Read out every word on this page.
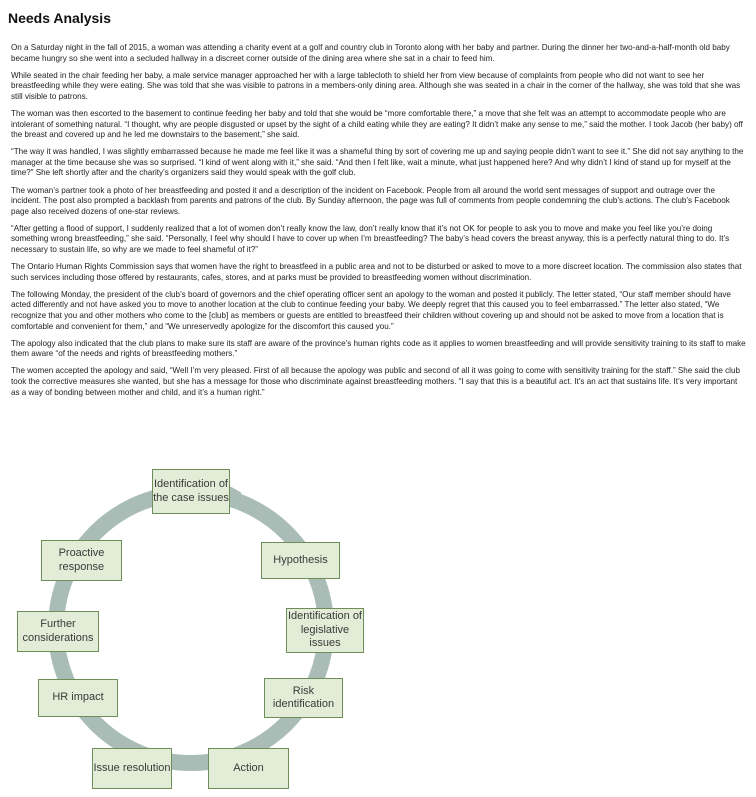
Needs Analysis

On a Saturday night in the fall of 2015, a woman was attending a charity event at a golf and country club in Toronto along with her baby and partner. During the dinner her two-and-a-half-month old baby became hungry so she went into a secluded hallway in a discreet corner outside of the dining area where she sat in a chair to feed him.

While seated in the chair feeding her baby, a male service manager approached her with a large tablecloth to shield her from view because of complaints from people who did not want to see her breastfeeding while they were eating. She was told that she was visible to patrons in a members-only dining area. Although she was seated in a chair in the corner of the hallway, she was told that she was still visible to patrons.

The woman was then escorted to the basement to continue feeding her baby and told that she would be “more comfortable there,” a move that she felt was an attempt to accommodate people who are intolerant of something natural. “I thought, why are people disgusted or upset by the sight of a child eating while they are eating? It didn’t make any sense to me,” said the mother. I took Jacob (her baby) off the breast and covered up and he led me downstairs to the basement,” she said.

“The way it was handled, I was slightly embarrassed because he made me feel like it was a shameful thing by sort of covering me up and saying people didn’t want to see it.” She did not say anything to the manager at the time because she was so surprised. “I kind of went along with it,” she said. “And then I felt like, wait a minute, what just happened here? And why didn’t I kind of stand up for myself at the time?” She left shortly after and the charity’s organizers said they would speak with the golf club.

The woman’s partner took a photo of her breastfeeding and posted it and a description of the incident on Facebook. People from all around the world sent messages of support and outrage over the incident. The post also prompted a backlash from parents and patrons of the club. By Sunday afternoon, the page was full of comments from people condemning the club’s actions. The club’s Facebook page also received dozens of one-star reviews.

“After getting a flood of support, I suddenly realized that a lot of women don’t really know the law, don’t really know that it’s not OK for people to ask you to move and make you feel like you’re doing something wrong breastfeeding,” she said. “Personally, I feel why should I have to cover up when I’m breastfeeding? The baby’s head covers the breast anyway, this is a perfectly natural thing to do. It’s necessary to sustain life, so why are we made to feel shameful of it?”

The Ontario Human Rights Commission says that women have the right to breastfeed in a public area and not to be disturbed or asked to move to a more discreet location. The commission also states that such services including those offered by restaurants, cafes, stores, and at parks must be provided to breastfeeding women without discrimination.

The following Monday, the president of the club’s board of governors and the chief operating officer sent an apology to the woman and posted it publicly. The letter stated, “Our staff member should have acted differently and not have asked you to move to another location at the club to continue feeding your baby. We deeply regret that this caused you to feel embarrassed.” The letter also stated, “We recognize that you and other mothers who come to the [club] as members or guests are entitled to breastfeed their children without covering up and should not be asked to move from a location that is comfortable and convenient for them,” and “We unreservedly apologize for the discomfort this caused you.”

The apology also indicated that the club plans to make sure its staff are aware of the province’s human rights code as it applies to women breastfeeding and will provide sensitivity training to its staff to make them aware “of the needs and rights of breastfeeding mothers.”

The women accepted the apology and said, “Well I’m very pleased. First of all because the apology was public and second of all it was going to come with sensitivity training for the staff.” She said the club took the corrective measures she wanted, but she has a message for those who discriminate against breastfeeding mothers. “I say that this is a beautiful act. It’s an act that sustains life. It’s very important as a way of bonding between mother and child, and it’s a human right.”

Identification of the case issues
Hypothesis
Identification of legislative issues
Risk identification
Action
Issue resolution
HR impact
Further considerations
Proactive response
